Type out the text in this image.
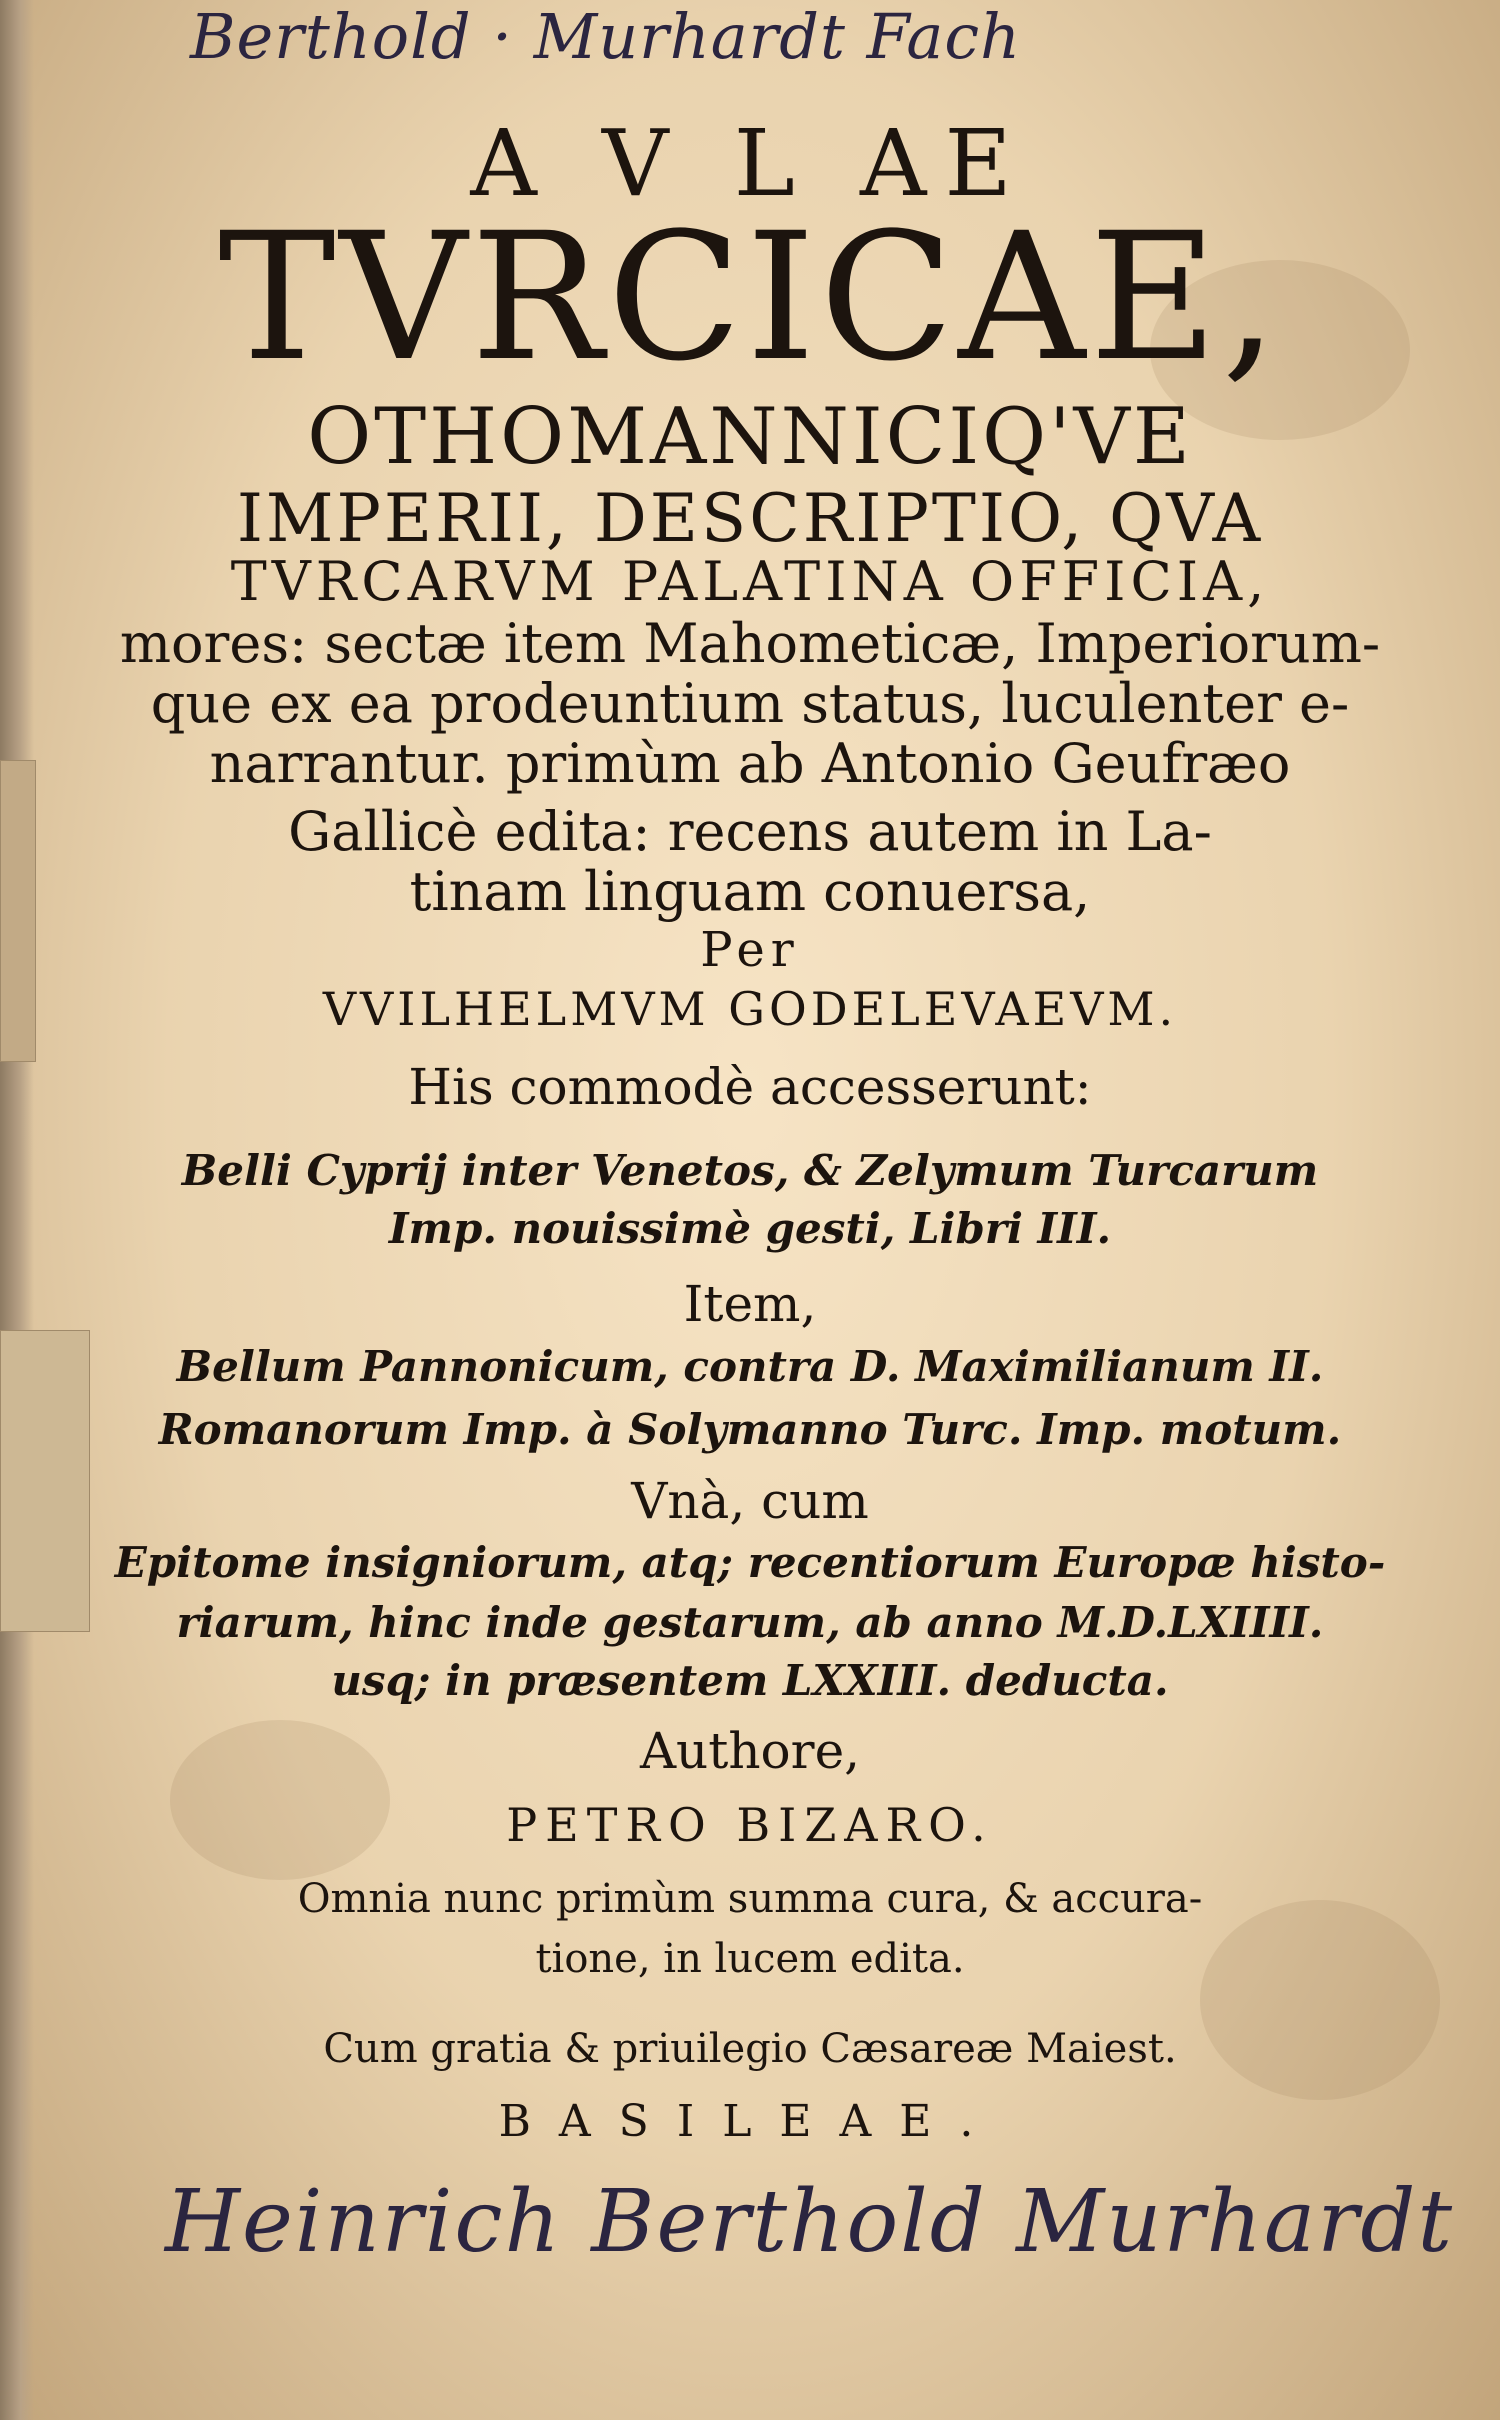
Berthold · Murhardt Fach
A V L AE
TVRCICAE,
OTHOMANNICIQ'VE
IMPERII, DESCRIPTIO, QVA
TVRCARVM PALATINA OFFICIA,
mores: sectæ item Mahometicæ, Imperiorum-
que ex ea prodeuntium status, luculenter e-
narrantur. primùm ab Antonio Geufræo
Gallicè edita: recens autem in La-
tinam linguam conuersa,
Per
VVILHELMVM GODELEVAEVM.
His commodè accesserunt:
Belli Cyprij inter Venetos, & Zelymum Turcarum
Imp. nouissimè gesti, Libri III.
Item,
Bellum Pannonicum, contra D. Maximilianum II.
Romanorum Imp. à Solymanno Turc. Imp. motum.
Vnà, cum
Epitome insigniorum, atq; recentiorum Europæ histo-
riarum, hinc inde gestarum, ab anno M.D.LXIIII.
usq; in præsentem LXXIII. deducta.
Authore,
PETRO BIZARO.
Omnia nunc primùm summa cura, & accura-
tione, in lucem edita.
Cum gratia & priuilegio Cæsareæ Maiest.
BASILEAE.
Heinrich Berthold Murhardt
